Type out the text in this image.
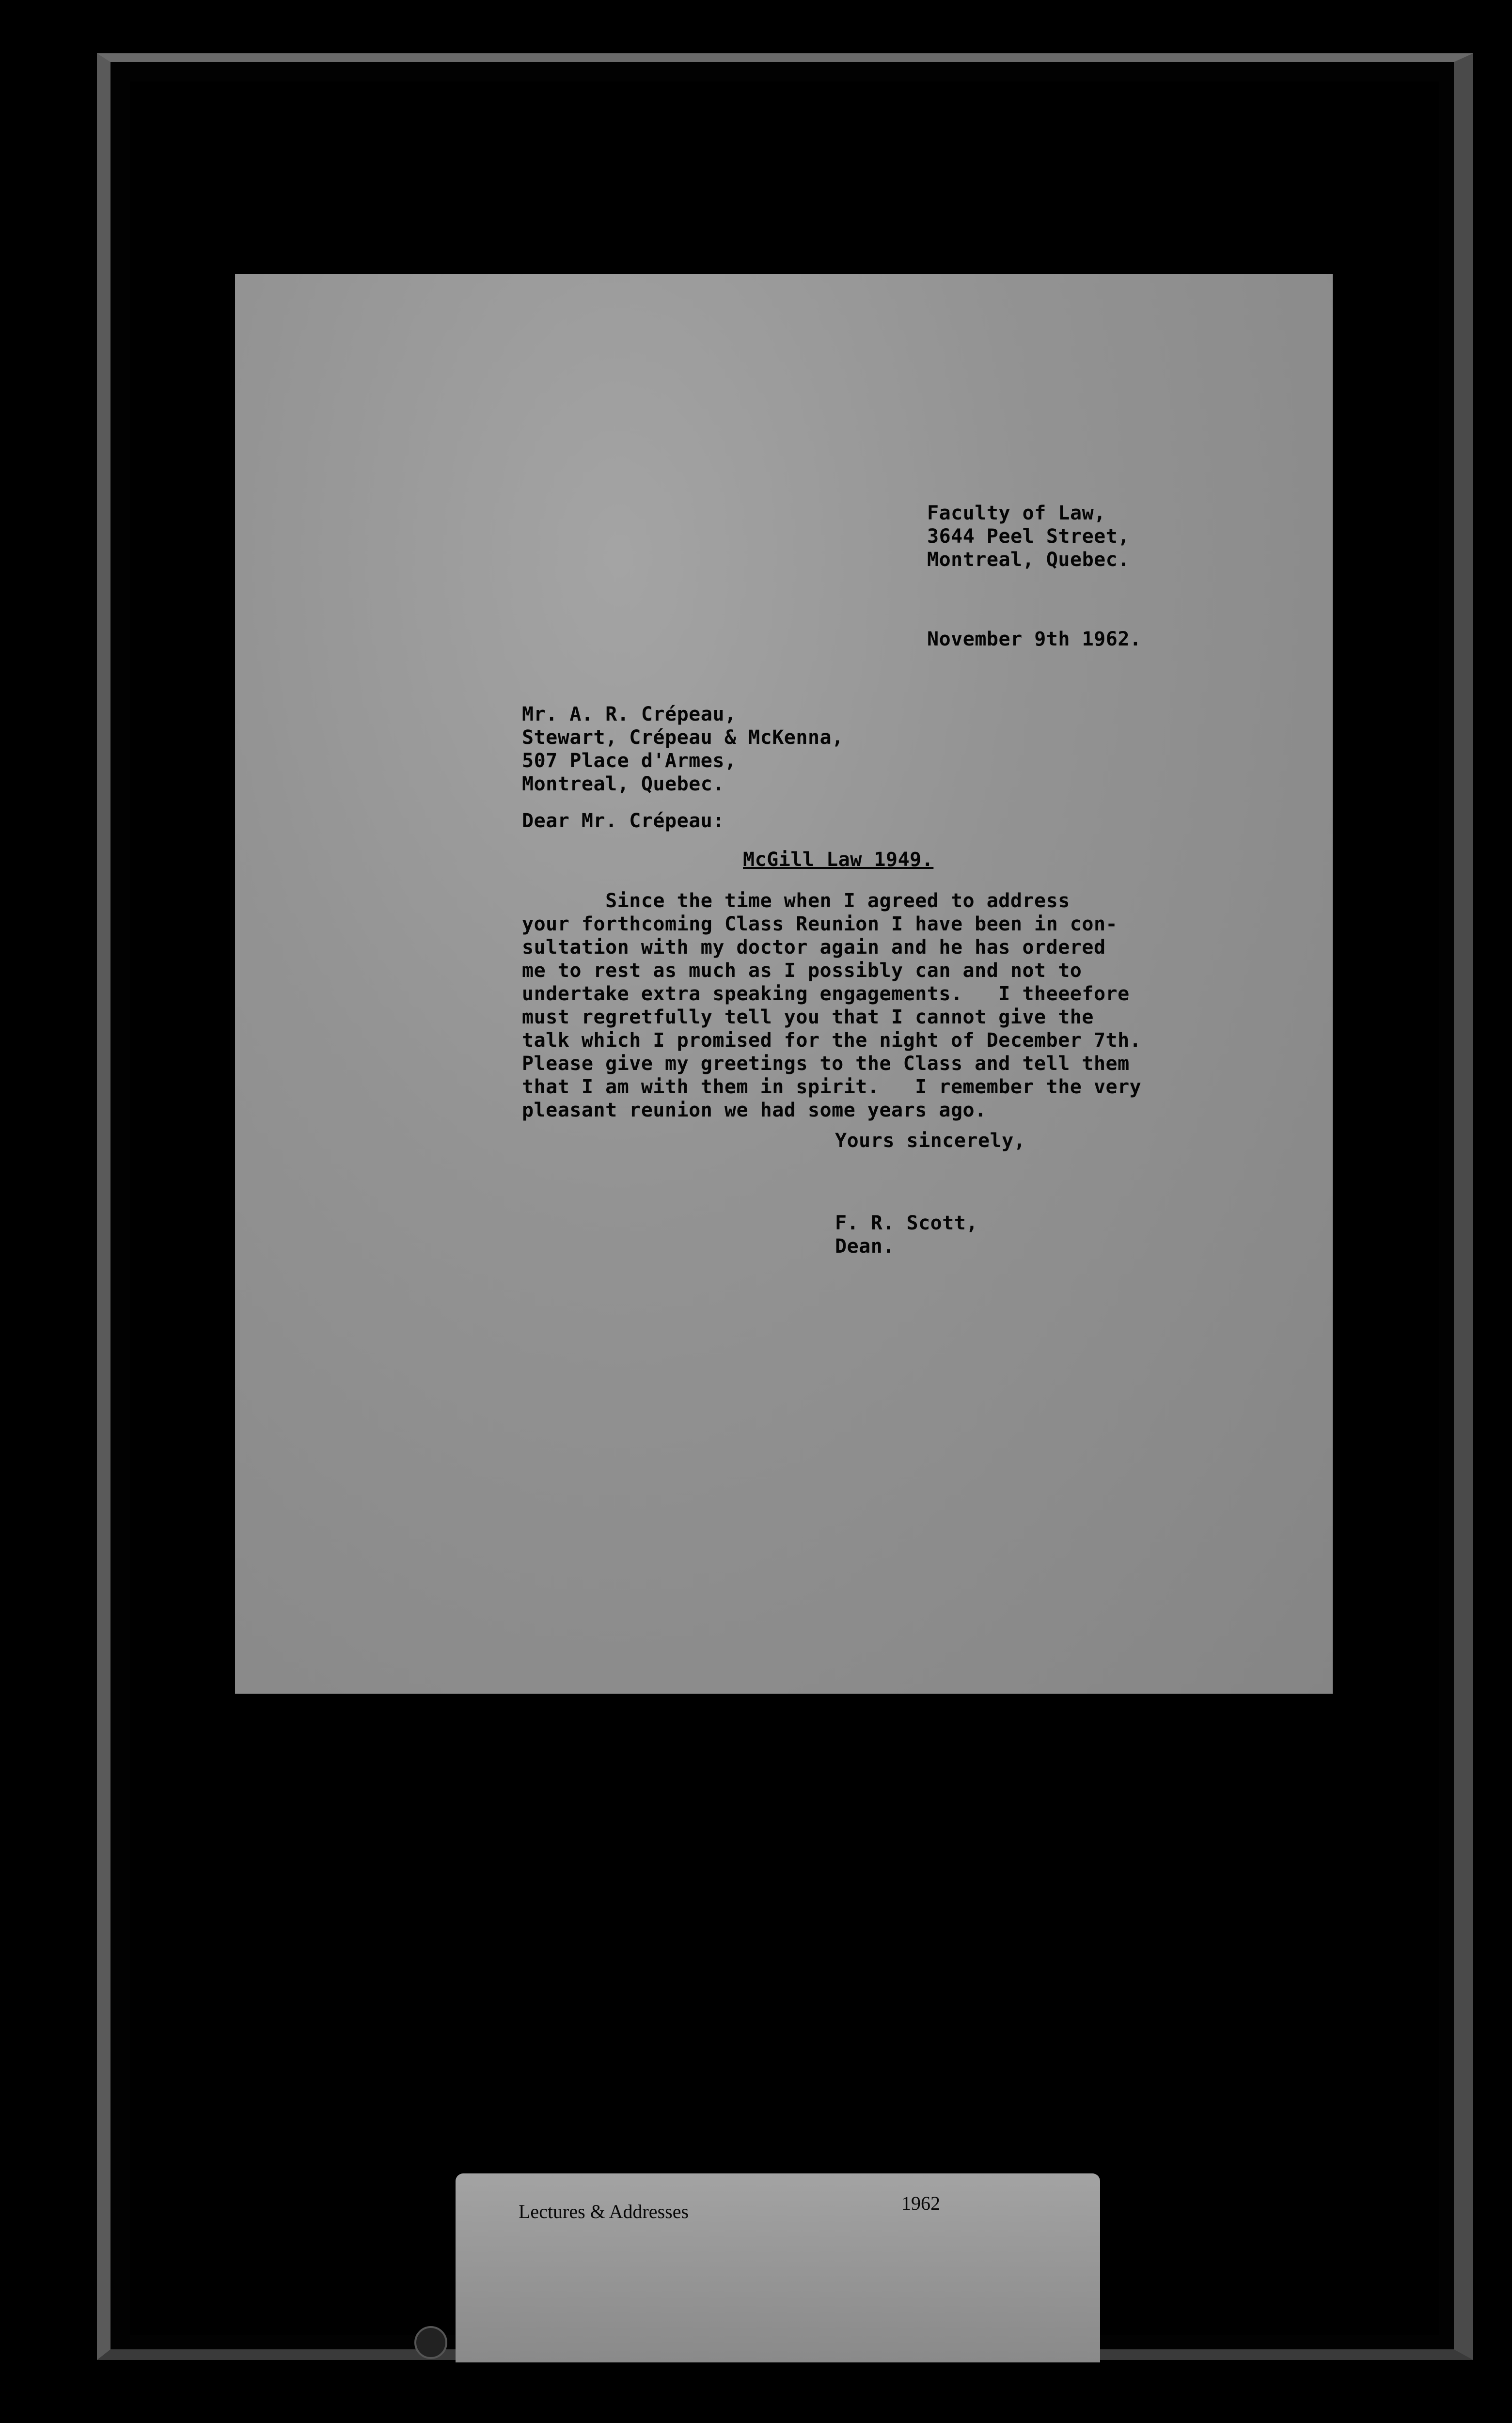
Faculty of Law,
3644 Peel Street,
Montreal, Quebec.
November 9th 1962.
Mr. A. R. Crépeau,
Stewart, Crépeau & McKenna,
507 Place d'Armes,
Montreal, Quebec.
Dear Mr. Crépeau:
McGill Law 1949.
Since the time when I agreed to address
your forthcoming Class Reunion I have been in con-
sultation with my doctor again and he has ordered
me to rest as much as I possibly can and not to
undertake extra speaking engagements.   I theeefore
must regretfully tell you that I cannot give the
talk which I promised for the night of December 7th.
Please give my greetings to the Class and tell them
that I am with them in spirit.   I remember the very
pleasant reunion we had some years ago.
Yours sincerely,
F. R. Scott,
Dean.
Lectures & Addresses	1962
